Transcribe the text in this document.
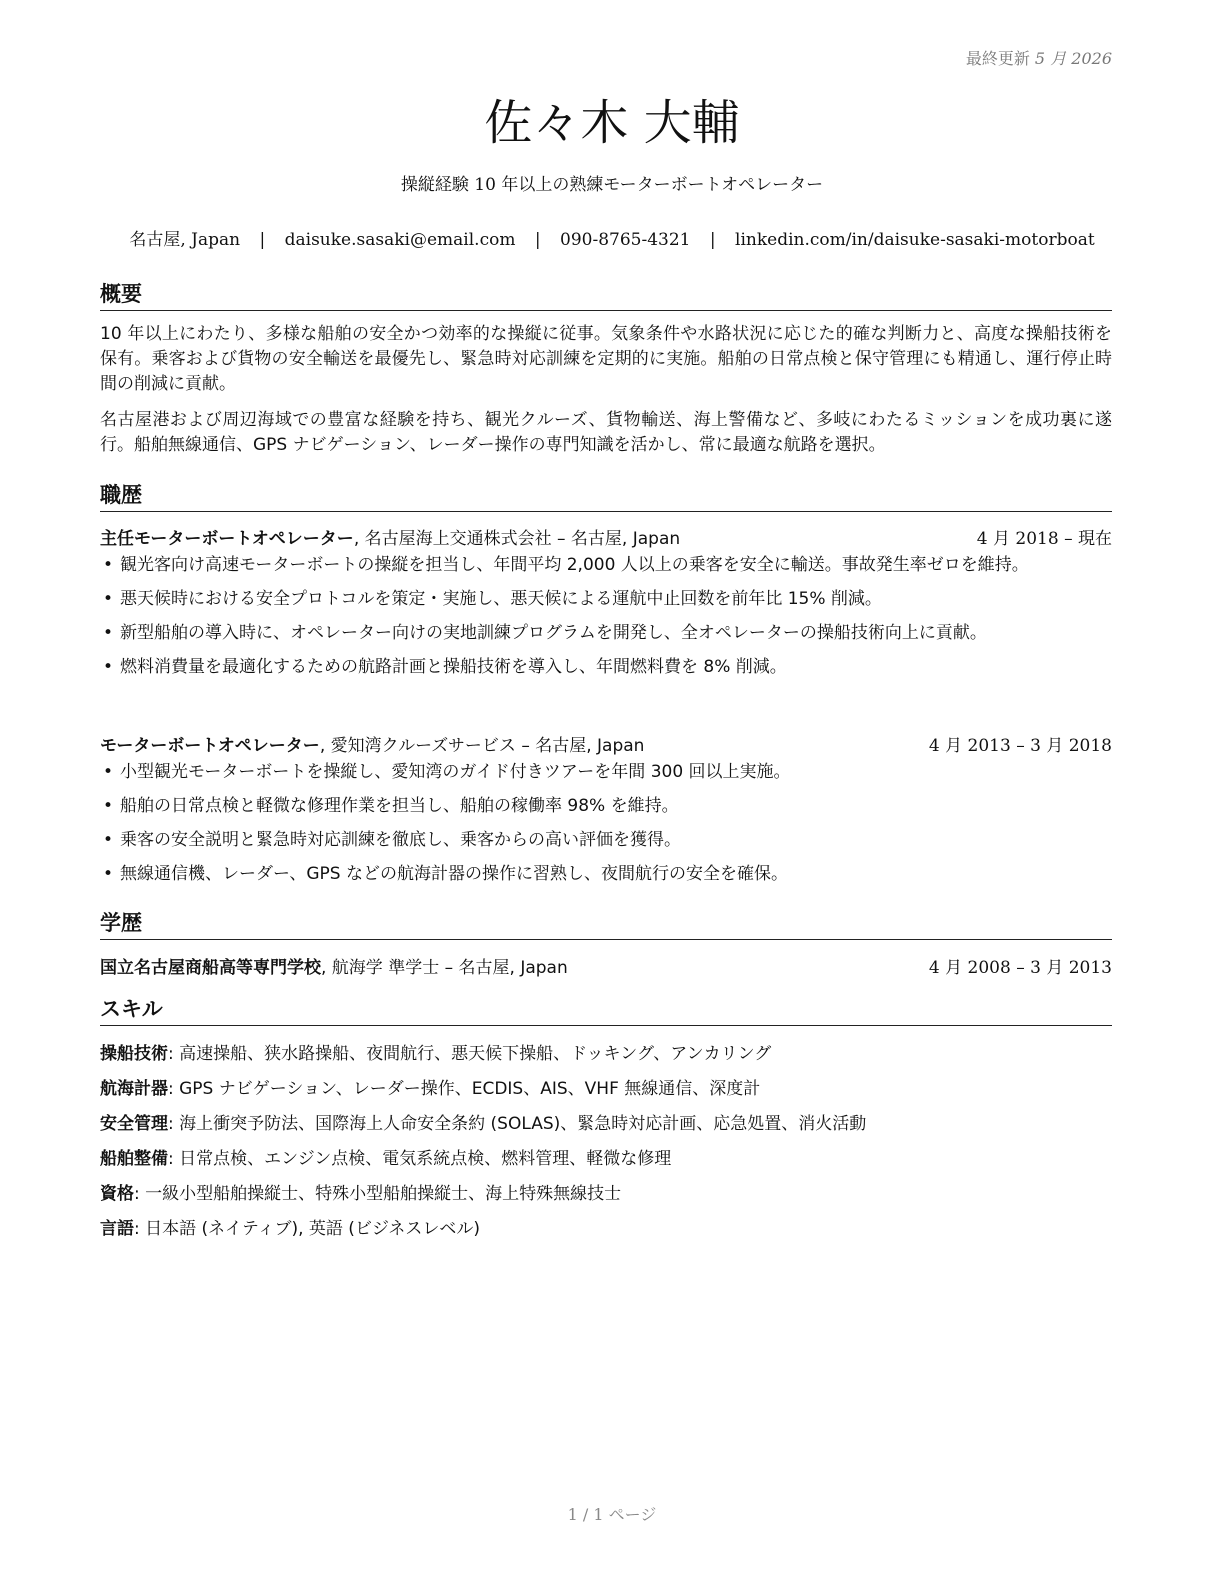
最終更新 5 月 2026
佐々木 大輔
操縦経験 10 年以上の熟練モーターボートオペレーター
名古屋, Japan | daisuke.sasaki@email.com | 090-8765-4321 | linkedin.com/in/daisuke-sasaki-motorboat
概要
10 年以上にわたり、多様な船舶の安全かつ効率的な操縦に従事。気象条件や水路状況に応じた的確な判断力と、高度な操船技術を保有。乗客および貨物の安全輸送を最優先し、緊急時対応訓練を定期的に実施。船舶の日常点検と保守管理にも精通し、運行停止時間の削減に貢献。
名古屋港および周辺海域での豊富な経験を持ち、観光クルーズ、貨物輸送、海上警備など、多岐にわたるミッションを成功裏に遂行。船舶無線通信、GPS ナビゲーション、レーダー操作の専門知識を活かし、常に最適な航路を選択。
職歴
主任モーターボートオペレーター, 名古屋海上交通株式会社 – 名古屋, Japan	4 月 2018 – 現在
• 観光客向け高速モーターボートの操縦を担当し、年間平均 2,000 人以上の乗客を安全に輸送。事故発生率ゼロを維持。
• 悪天候時における安全プロトコルを策定・実施し、悪天候による運航中止回数を前年比 15% 削減。
• 新型船舶の導入時に、オペレーター向けの実地訓練プログラムを開発し、全オペレーターの操船技術向上に貢献。
• 燃料消費量を最適化するための航路計画と操船技術を導入し、年間燃料費を 8% 削減。
モーターボートオペレーター, 愛知湾クルーズサービス – 名古屋, Japan	4 月 2013 – 3 月 2018
• 小型観光モーターボートを操縦し、愛知湾のガイド付きツアーを年間 300 回以上実施。
• 船舶の日常点検と軽微な修理作業を担当し、船舶の稼働率 98% を維持。
• 乗客の安全説明と緊急時対応訓練を徹底し、乗客からの高い評価を獲得。
• 無線通信機、レーダー、GPS などの航海計器の操作に習熟し、夜間航行の安全を確保。
学歴
国立名古屋商船高等専門学校, 航海学 準学士 – 名古屋, Japan	4 月 2008 – 3 月 2013
スキル
操船技術: 高速操船、狭水路操船、夜間航行、悪天候下操船、ドッキング、アンカリング
航海計器: GPS ナビゲーション、レーダー操作、ECDIS、AIS、VHF 無線通信、深度計
安全管理: 海上衝突予防法、国際海上人命安全条約 (SOLAS)、緊急時対応計画、応急処置、消火活動
船舶整備: 日常点検、エンジン点検、電気系統点検、燃料管理、軽微な修理
資格: 一級小型船舶操縦士、特殊小型船舶操縦士、海上特殊無線技士
言語: 日本語 (ネイティブ), 英語 (ビジネスレベル)
1 / 1 ページ
